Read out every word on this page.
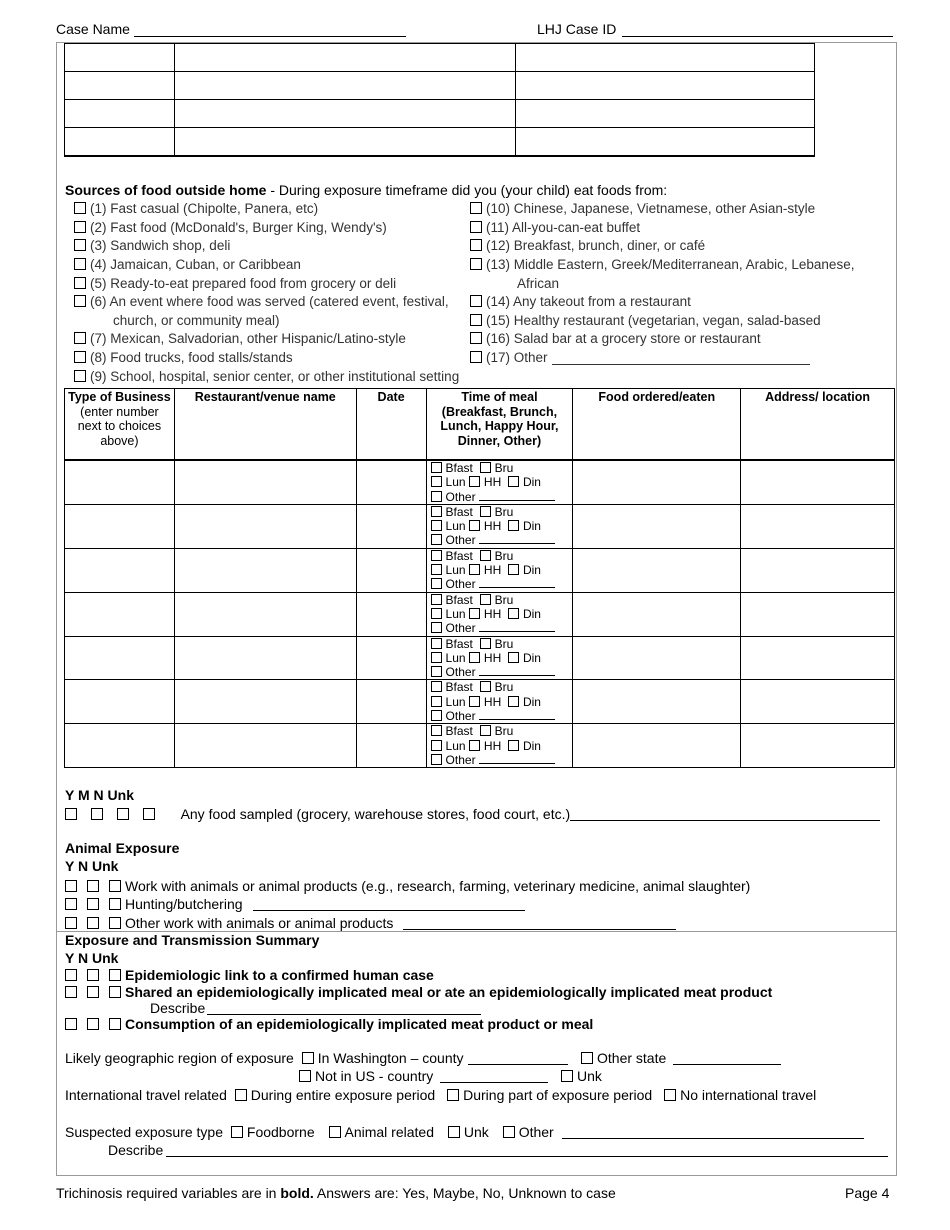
Case Name	LHJ Case ID

Sources of food outside home - During exposure timeframe did you (your child) eat foods from:
(1) Fast casual (Chipolte, Panera, etc)
(2) Fast food (McDonald's, Burger King, Wendy's)
(3) Sandwich shop, deli
(4) Jamaican, Cuban, or Caribbean
(5) Ready-to-eat prepared food from grocery or deli
(6) An event where food was served (catered event, festival,
church, or community meal)
(7) Mexican, Salvadorian, other Hispanic/Latino-style
(8) Food trucks, food stalls/stands
(9) School, hospital, senior center, or other institutional setting
(10) Chinese, Japanese, Vietnamese, other Asian-style
(11) All-you-can-eat buffet
(12) Breakfast, brunch, diner, or café
(13) Middle Eastern, Greek/Mediterranean, Arabic, Lebanese,
African
(14) Any takeout from a restaurant
(15) Healthy restaurant (vegetarian, vegan, salad-based
(16) Salad bar at a grocery store or restaurant
(17) Other
Type of Business
(enter number next to choices above)	Restaurant/venue name	Date	Time of meal (Breakfast, Brunch, Lunch, Happy Hour, Dinner, Other)	Food ordered/eaten	Address/ location

			Bfast Bru
Lun HH Din
Other		

			Bfast Bru
Lun HH Din
Other		

			Bfast Bru
Lun HH Din
Other		

			Bfast Bru
Lun HH Din
Other		

			Bfast Bru
Lun HH Din
Other		

			Bfast Bru
Lun HH Din
Other		

			Bfast Bru
Lun HH Din
Other		

Y M N Unk
Any food sampled (grocery, warehouse stores, food court, etc.)
Animal Exposure
Y N Unk
Work with animals or animal products (e.g., research, farming, veterinary medicine, animal slaughter)
Hunting/butchering
Other work with animals or animal products
Exposure and Transmission Summary
Y N Unk
Epidemiologic link to a confirmed human case
Shared an epidemiologically implicated meal or ate an epidemiologically implicated meat product
Describe
Consumption of an epidemiologically implicated meat product or meal
Likely geographic region of exposure In Washington – county	Other state
Not in US - country	Unk
International travel related During entire exposure period During part of exposure period No international travel
Suspected exposure type Foodborne Animal related Unk Other
Describe
Trichinosis required variables are in bold. Answers are: Yes, Maybe, No, Unknown to case	Page 4
